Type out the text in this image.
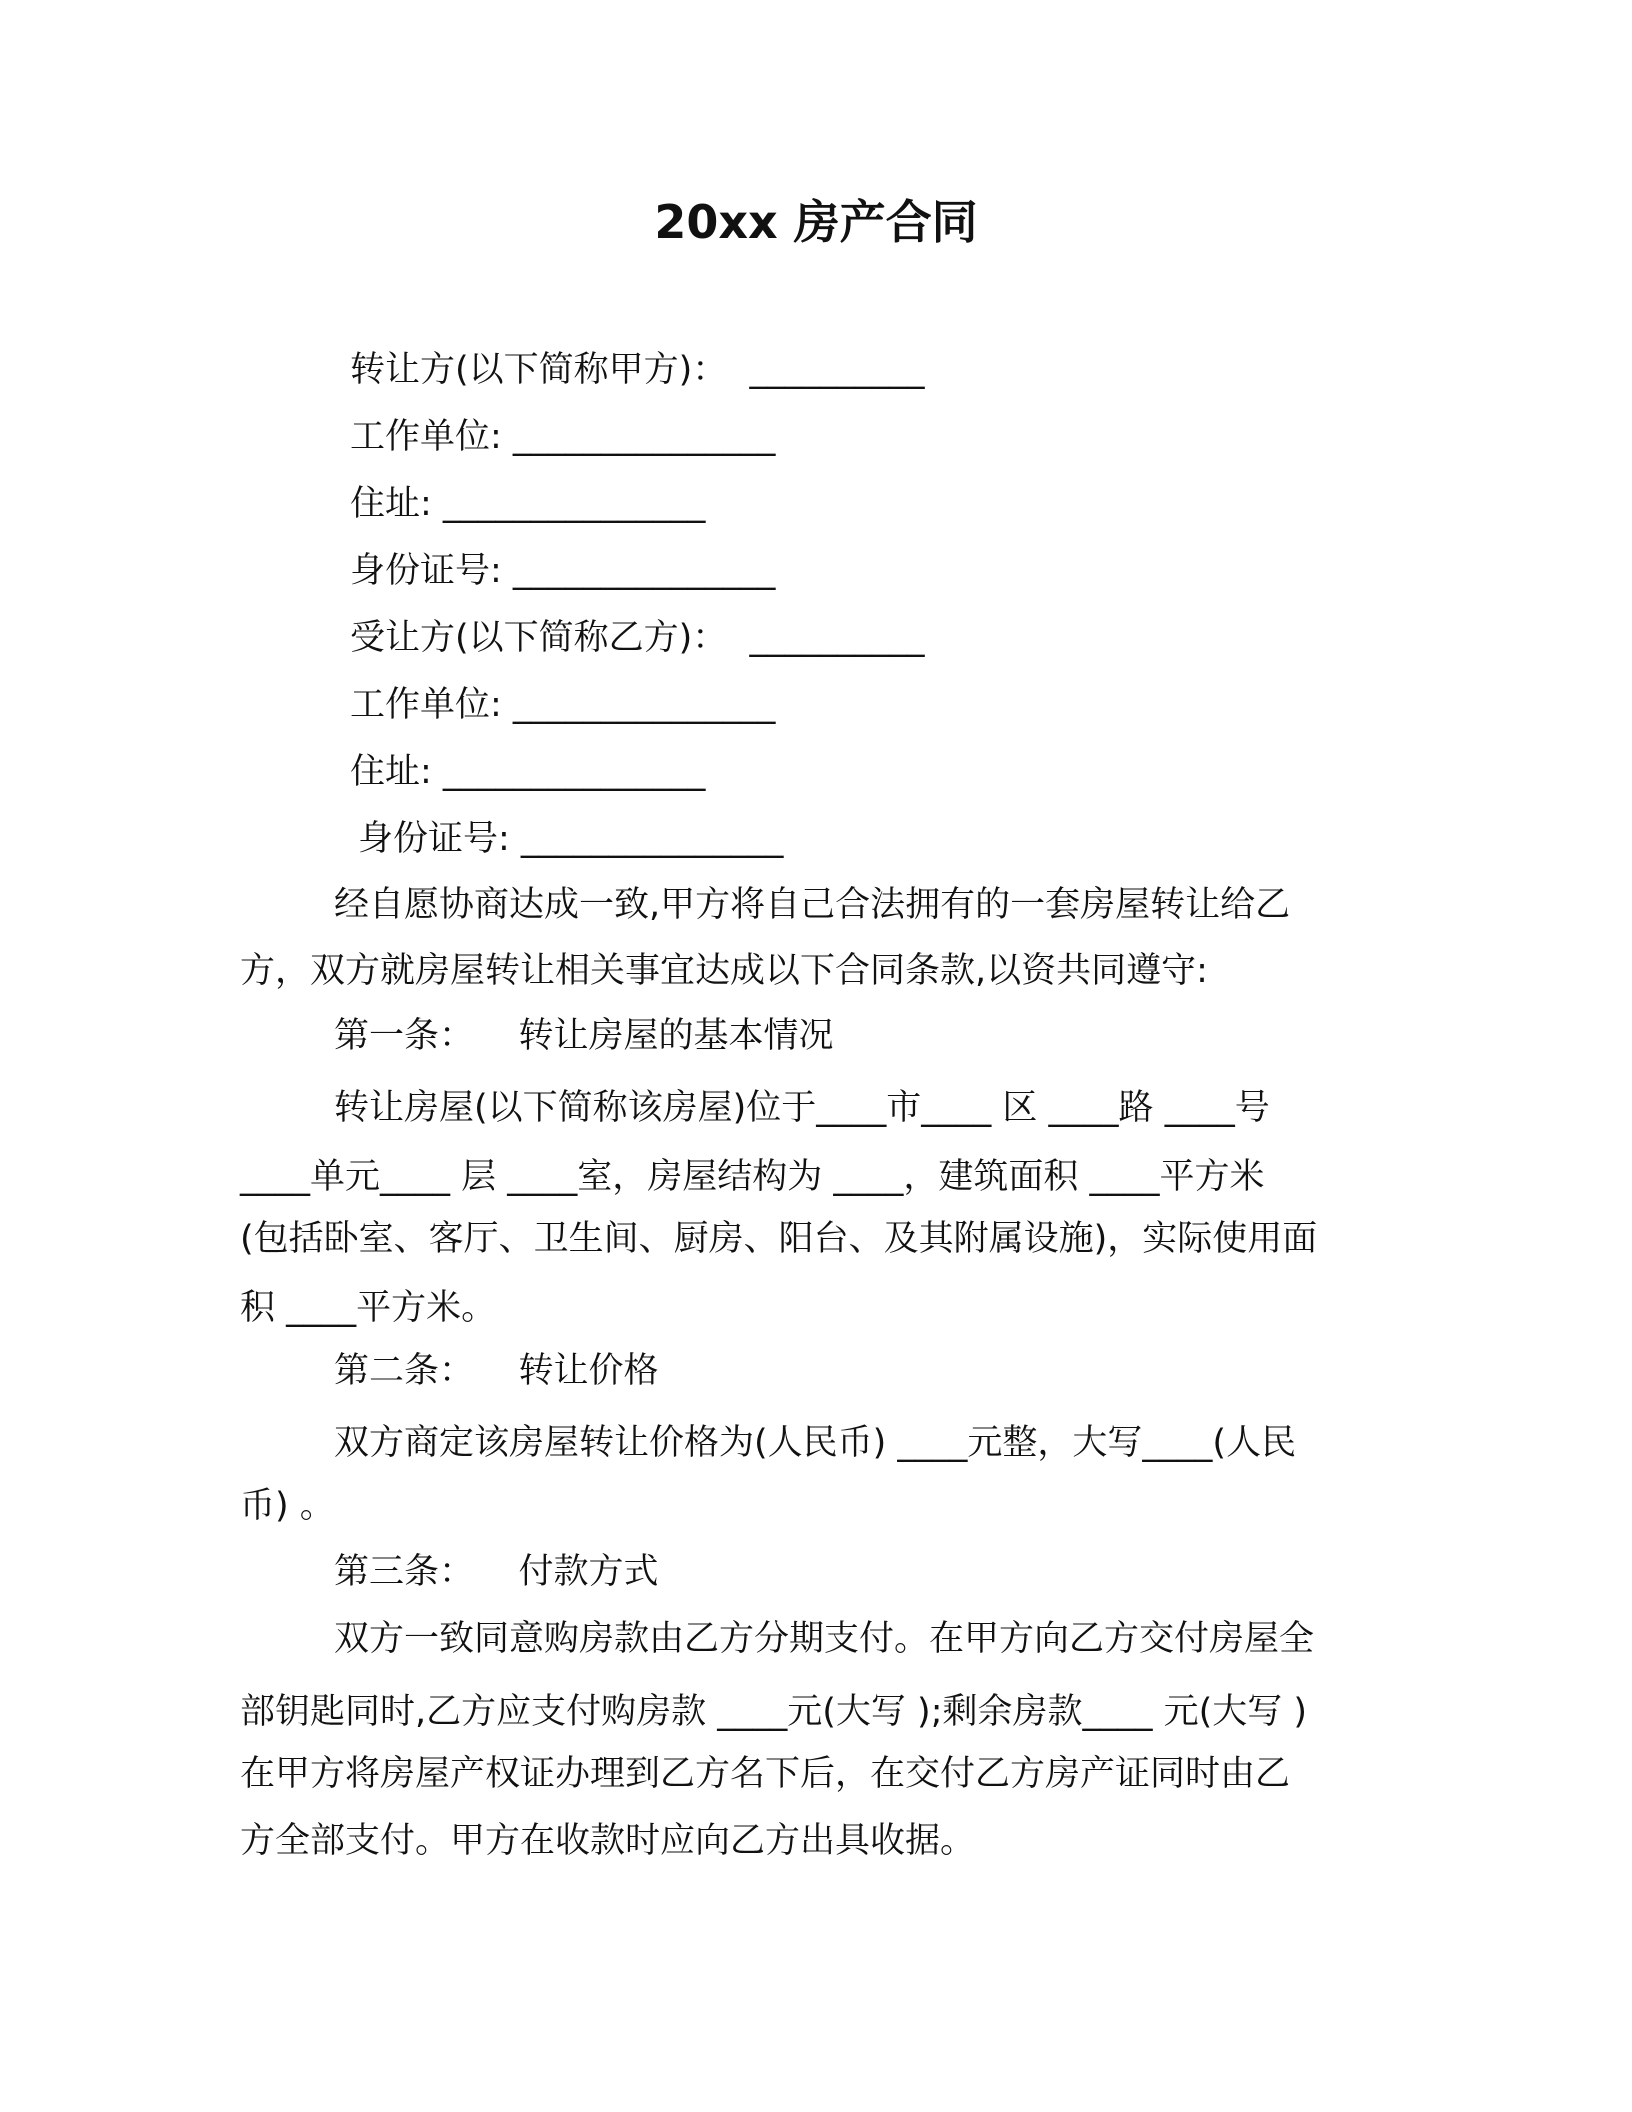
20xx 房产合同
转让方(以下简称甲方)：  __________
工作单位: _______________
住址: _______________
身份证号: _______________
受让方(以下简称乙方)：  __________
工作单位: _______________
住址: _______________
身份证号: _______________
经自愿协商达成一致,甲方将自己合法拥有的一套房屋转让给乙
方，双方就房屋转让相关事宜达成以下合同条款,以资共同遵守:
第一条：    转让房屋的基本情况
转让房屋(以下简称该房屋)位于____市____ 区 ____路 ____号
____单元____ 层 ____室，房屋结构为 ____，建筑面积 ____平方米
(包括卧室、客厅、卫生间、厨房、阳台、及其附属设施)，实际使用面
积 ____平方米。
第二条：    转让价格
双方商定该房屋转让价格为(人民币) ____元整，大写____(人民
币) 。
第三条：    付款方式
双方一致同意购房款由乙方分期支付。在甲方向乙方交付房屋全
部钥匙同时,乙方应支付购房款 ____元(大写 );剩余房款____ 元(大写 )
在甲方将房屋产权证办理到乙方名下后，在交付乙方房产证同时由乙
方全部支付。甲方在收款时应向乙方出具收据。
